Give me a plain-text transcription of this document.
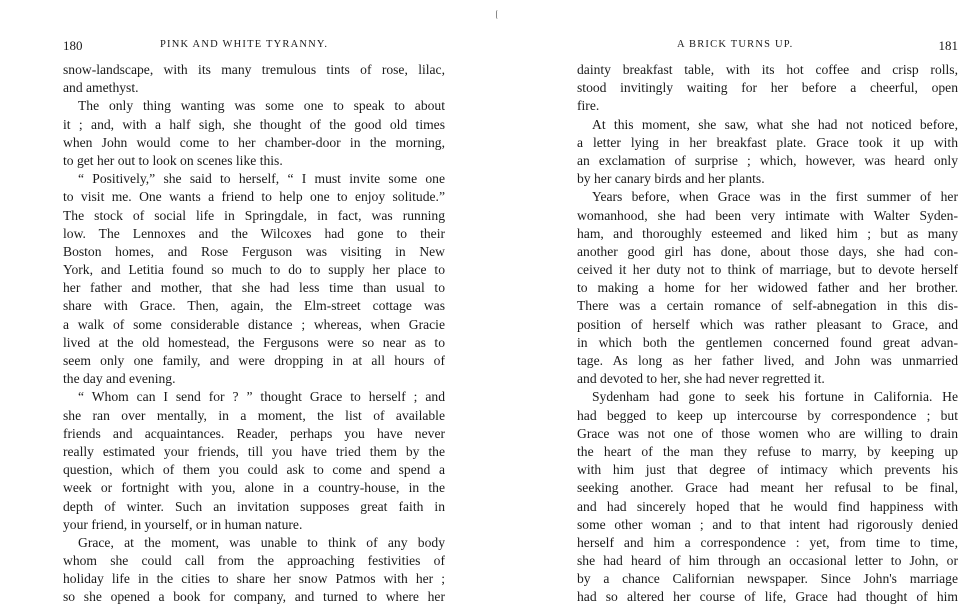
180	PINK AND WHITE TYRANNY.
snow-landscape, with its many tremulous tints of rose, lilac,
and amethyst.
The only thing wanting was some one to speak to about
it ; and, with a half sigh, she thought of the good old times
when John would come to her chamber-door in the morning,
to get her out to look on scenes like this.
“ Positively,” she said to herself, “ I must invite some one
to visit me. One wants a friend to help one to enjoy solitude.”
The stock of social life in Springdale, in fact, was running
low. The Lennoxes and the Wilcoxes had gone to their
Boston homes, and Rose Ferguson was visiting in New
York, and Letitia found so much to do to supply her place to
her father and mother, that she had less time than usual to
share with Grace. Then, again, the Elm-street cottage was
a walk of some considerable distance ; whereas, when Gracie
lived at the old homestead, the Fergusons were so near as to
seem only one family, and were dropping in at all hours of
the day and evening.
“ Whom can I send for ? ” thought Grace to herself ; and
she ran over mentally, in a moment, the list of available
friends and acquaintances. Reader, perhaps you have never
really estimated your friends, till you have tried them by the
question, which of them you could ask to come and spend a
week or fortnight with you, alone in a country-house, in the
depth of winter. Such an invitation supposes great faith in
your friend, in yourself, or in human nature.
Grace, at the moment, was unable to think of any body
whom she could call from the approaching festivities of
holiday life in the cities to share her snow Patmos with her ;
so she opened a book for company, and turned to where her
A BRICK TURNS UP.	181
dainty breakfast table, with its hot coffee and crisp rolls,
stood invitingly waiting for her before a cheerful, open
fire.
At this moment, she saw, what she had not noticed before,
a letter lying in her breakfast plate. Grace took it up with
an exclamation of surprise ; which, however, was heard only
by her canary birds and her plants.
Years before, when Grace was in the first summer of her
womanhood, she had been very intimate with Walter Syden-
ham, and thoroughly esteemed and liked him ; but as many
another good girl has done, about those days, she had con-
ceived it her duty not to think of marriage, but to devote herself
to making a home for her widowed father and her brother.
There was a certain romance of self-abnegation in this dis-
position of herself which was rather pleasant to Grace, and
in which both the gentlemen concerned found great advan-
tage. As long as her father lived, and John was unmarried
and devoted to her, she had never regretted it.
Sydenham had gone to seek his fortune in California. He
had begged to keep up intercourse by correspondence ; but
Grace was not one of those women who are willing to drain
the heart of the man they refuse to marry, by keeping up
with him just that degree of intimacy which prevents his
seeking another. Grace had meant her refusal to be final,
and had sincerely hoped that he would find happiness with
some other woman ; and to that intent had rigorously denied
herself and him a correspondence : yet, from time to time,
she had heard of him through an occasional letter to John, or
by a chance Californian newspaper. Since John's marriage
had so altered her course of life, Grace had thought of him
